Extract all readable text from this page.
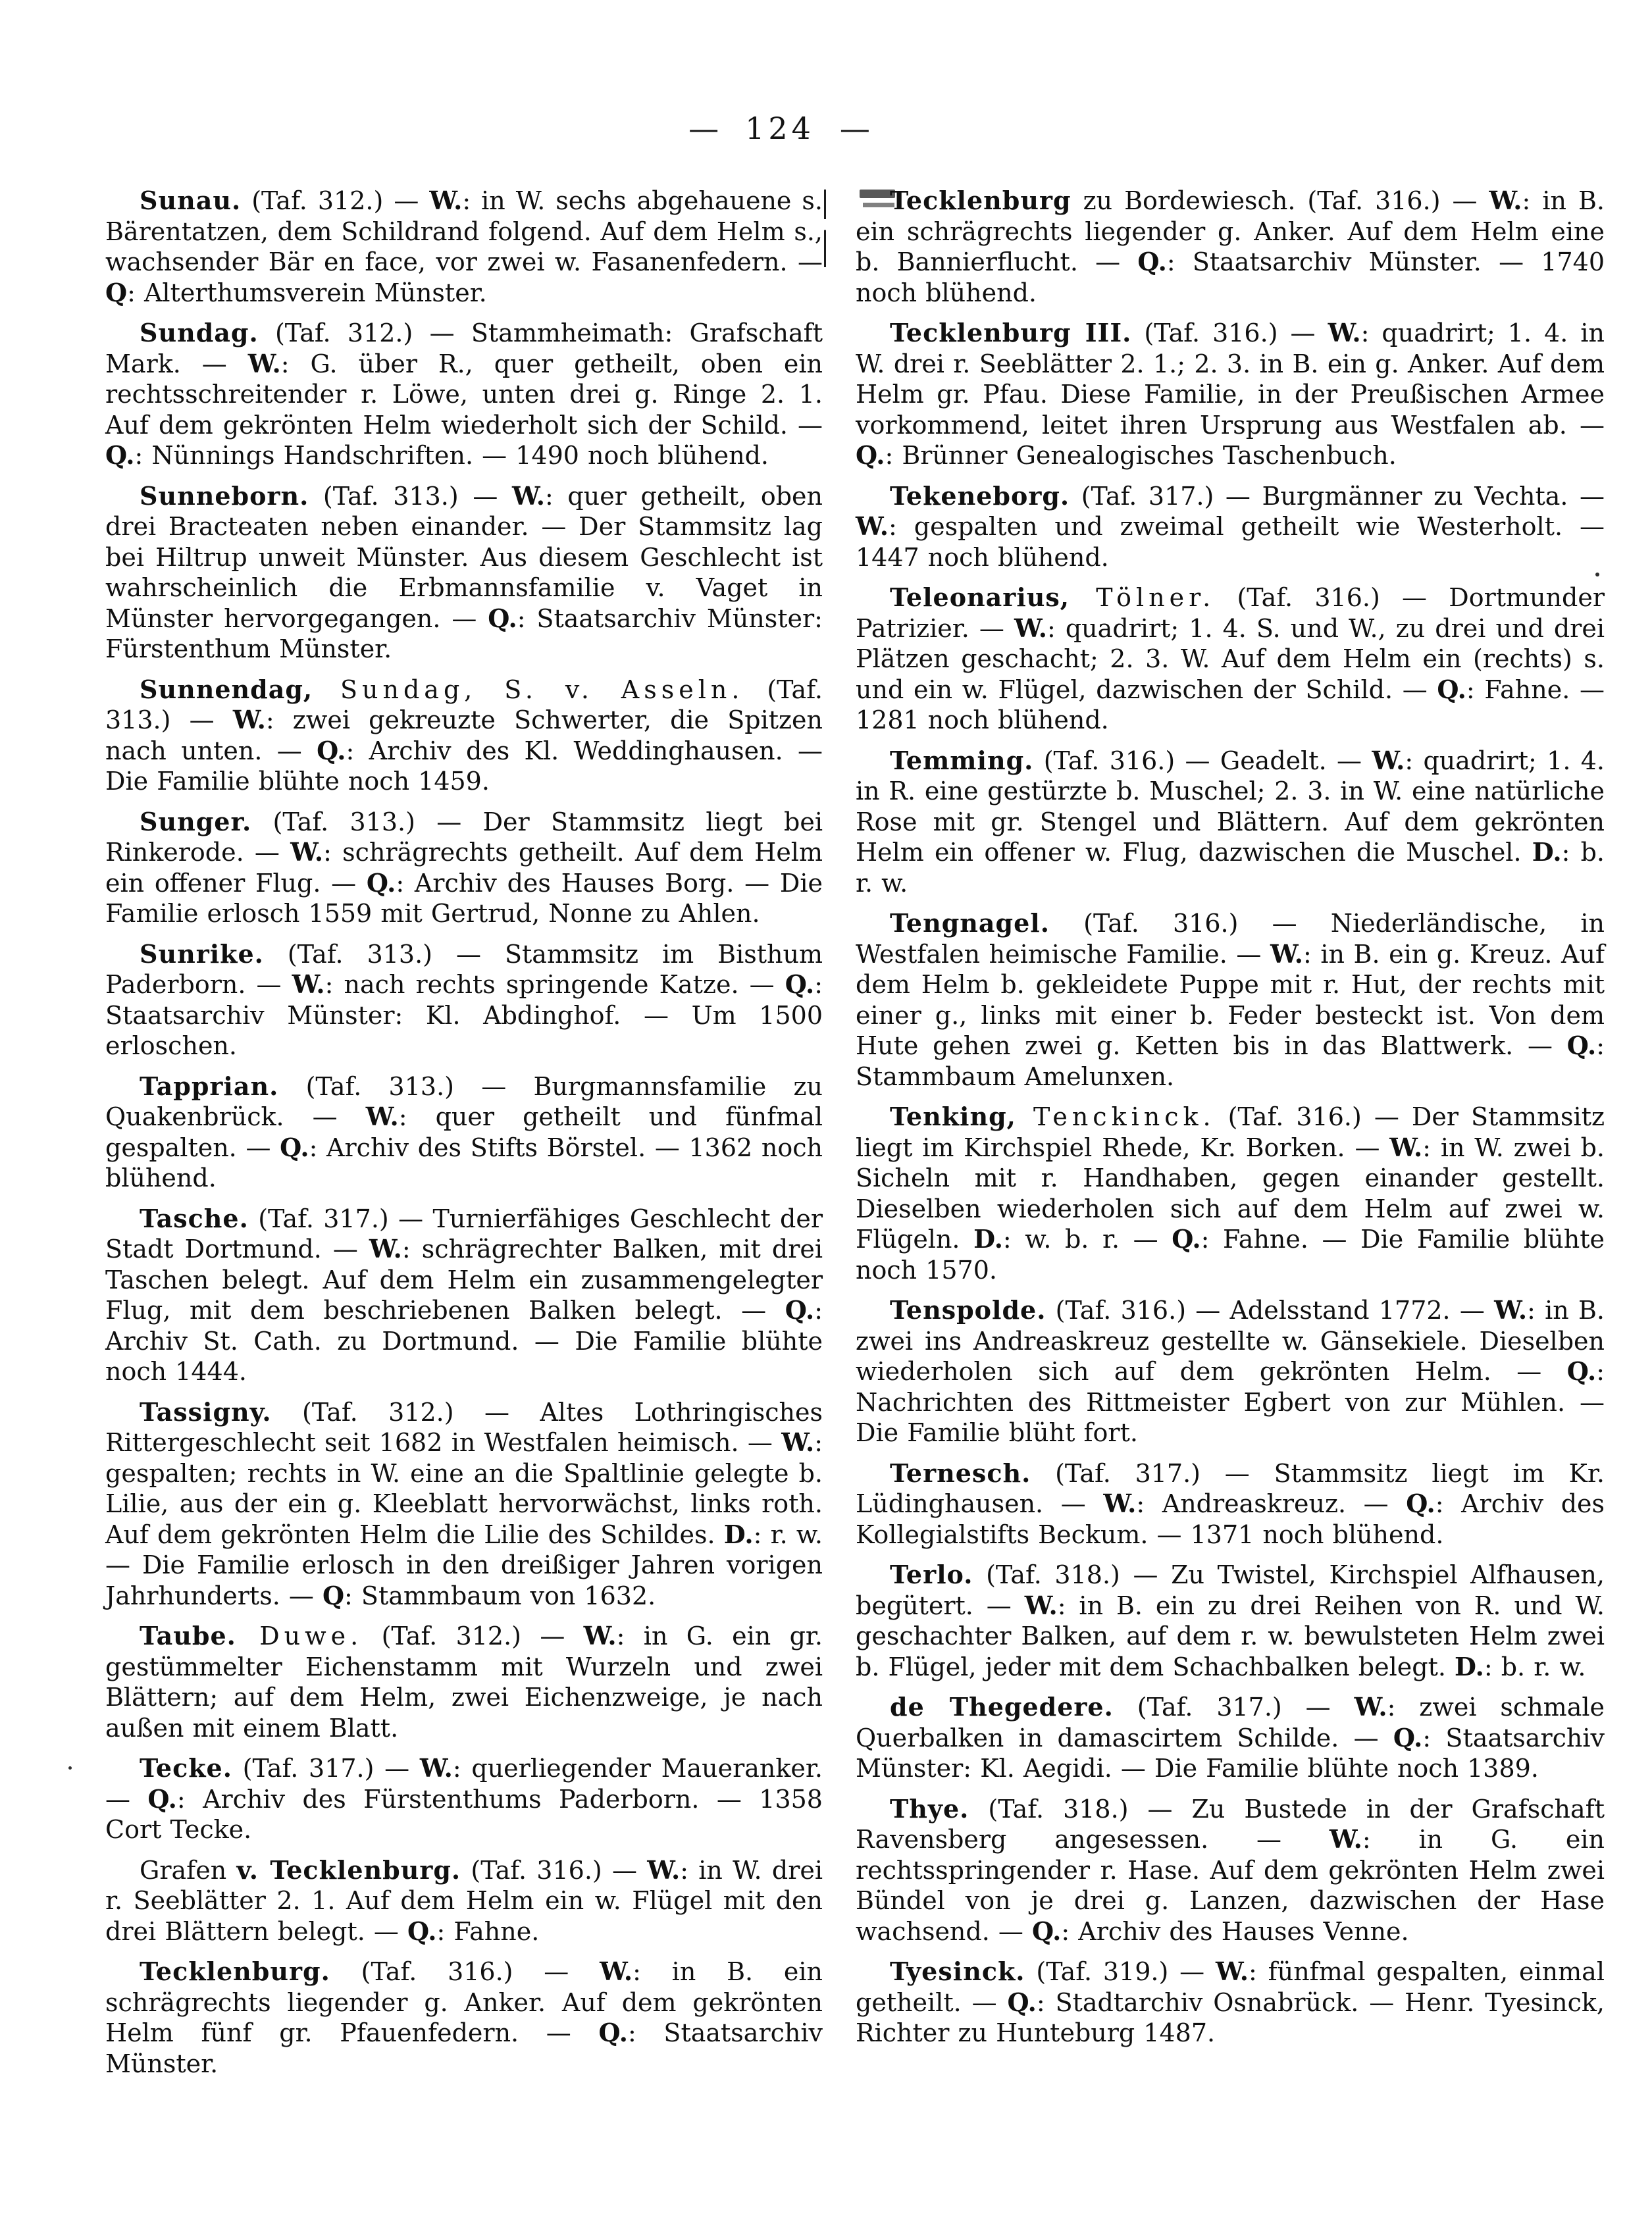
— 124 —

Sunau. (Taf. 312.) — W.: in W. sechs abgehauene s. Bärentatzen, dem Schildrand folgend. Auf dem Helm s., wachsender Bär en face, vor zwei w. Fasanenfedern. — Q: Alterthumsverein Münster.

Sundag. (Taf. 312.) — Stammheimath: Grafschaft Mark. — W.: G. über R., quer getheilt, oben ein rechtsschreitender r. Löwe, unten drei g. Ringe 2. 1. Auf dem gekrönten Helm wiederholt sich der Schild. — Q.: Nünnings Handschriften. — 1490 noch blühend.

Sunneborn. (Taf. 313.) — W.: quer getheilt, oben drei Bracteaten neben einander. — Der Stammsitz lag bei Hiltrup unweit Münster. Aus diesem Geschlecht ist wahrscheinlich die Erbmannsfamilie v. Vaget in Münster hervorgegangen. — Q.: Staatsarchiv Münster: Fürstenthum Münster.

Sunnendag, Sundag, S. v. Asseln. (Taf. 313.) — W.: zwei gekreuzte Schwerter, die Spitzen nach unten. — Q.: Archiv des Kl. Weddinghausen. — Die Familie blühte noch 1459.

Sunger. (Taf. 313.) — Der Stammsitz liegt bei Rinkerode. — W.: schrägrechts getheilt. Auf dem Helm ein offener Flug. — Q.: Archiv des Hauses Borg. — Die Familie erlosch 1559 mit Gertrud, Nonne zu Ahlen.

Sunrike. (Taf. 313.) — Stammsitz im Bisthum Paderborn. — W.: nach rechts springende Katze. — Q.: Staatsarchiv Münster: Kl. Abdinghof. — Um 1500 erloschen.

Tapprian. (Taf. 313.) — Burgmannsfamilie zu Quakenbrück. — W.: quer getheilt und fünfmal gespalten. — Q.: Archiv des Stifts Börstel. — 1362 noch blühend.

Tasche. (Taf. 317.) — Turnierfähiges Geschlecht der Stadt Dortmund. — W.: schrägrechter Balken, mit drei Taschen belegt. Auf dem Helm ein zusammengelegter Flug, mit dem beschriebenen Balken belegt. — Q.: Archiv St. Cath. zu Dortmund. — Die Familie blühte noch 1444.

Tassigny. (Taf. 312.) — Altes Lothringisches Rittergeschlecht seit 1682 in Westfalen heimisch. — W.: gespalten; rechts in W. eine an die Spaltlinie gelegte b. Lilie, aus der ein g. Kleeblatt hervorwächst, links roth. Auf dem gekrönten Helm die Lilie des Schildes. D.: r. w. — Die Familie erlosch in den dreißiger Jahren vorigen Jahrhunderts. — Q: Stammbaum von 1632.

Taube. Duwe. (Taf. 312.) — W.: in G. ein gr. gestümmelter Eichenstamm mit Wurzeln und zwei Blättern; auf dem Helm, zwei Eichenzweige, je nach außen mit einem Blatt.

Tecke. (Taf. 317.) — W.: querliegender Maueranker. — Q.: Archiv des Fürstenthums Paderborn. — 1358 Cort Tecke.

Grafen v. Tecklenburg. (Taf. 316.) — W.: in W. drei r. Seeblätter 2. 1. Auf dem Helm ein w. Flügel mit den drei Blättern belegt. — Q.: Fahne.

Tecklenburg. (Taf. 316.) — W.: in B. ein schrägrechts liegender g. Anker. Auf dem gekrönten Helm fünf gr. Pfauenfedern. — Q.: Staatsarchiv Münster.

Tecklenburg zu Bordewiesch. (Taf. 316.) — W.: in B. ein schrägrechts liegender g. Anker. Auf dem Helm eine b. Bannierflucht. — Q.: Staatsarchiv Münster. — 1740 noch blühend.

Tecklenburg III. (Taf. 316.) — W.: quadrirt; 1. 4. in W. drei r. Seeblätter 2. 1.; 2. 3. in B. ein g. Anker. Auf dem Helm gr. Pfau. Diese Familie, in der Preußischen Armee vorkommend, leitet ihren Ursprung aus Westfalen ab. — Q.: Brünner Genealogisches Taschenbuch.

Tekeneborg. (Taf. 317.) — Burgmänner zu Vechta. — W.: gespalten und zweimal getheilt wie Westerholt. — 1447 noch blühend.

Teleonarius, Tölner. (Taf. 316.) — Dortmunder Patrizier. — W.: quadrirt; 1. 4. S. und W., zu drei und drei Plätzen geschacht; 2. 3. W. Auf dem Helm ein (rechts) s. und ein w. Flügel, dazwischen der Schild. — Q.: Fahne. — 1281 noch blühend.

Temming. (Taf. 316.) — Geadelt. — W.: quadrirt; 1. 4. in R. eine gestürzte b. Muschel; 2. 3. in W. eine natürliche Rose mit gr. Stengel und Blättern. Auf dem gekrönten Helm ein offener w. Flug, dazwischen die Muschel. D.: b. r. w.

Tengnagel. (Taf. 316.) — Niederländische, in Westfalen heimische Familie. — W.: in B. ein g. Kreuz. Auf dem Helm b. gekleidete Puppe mit r. Hut, der rechts mit einer g., links mit einer b. Feder besteckt ist. Von dem Hute gehen zwei g. Ketten bis in das Blattwerk. — Q.: Stammbaum Amelunxen.

Tenking, Tenckinck. (Taf. 316.) — Der Stammsitz liegt im Kirchspiel Rhede, Kr. Borken. — W.: in W. zwei b. Sicheln mit r. Handhaben, gegen einander gestellt. Dieselben wiederholen sich auf dem Helm auf zwei w. Flügeln. D.: w. b. r. — Q.: Fahne. — Die Familie blühte noch 1570.

Tenspolde. (Taf. 316.) — Adelsstand 1772. — W.: in B. zwei ins Andreaskreuz gestellte w. Gänsekiele. Dieselben wiederholen sich auf dem gekrönten Helm. — Q.: Nachrichten des Rittmeister Egbert von zur Mühlen. — Die Familie blüht fort.

Ternesch. (Taf. 317.) — Stammsitz liegt im Kr. Lüdinghausen. — W.: Andreaskreuz. — Q.: Archiv des Kollegialstifts Beckum. — 1371 noch blühend.

Terlo. (Taf. 318.) — Zu Twistel, Kirchspiel Alfhausen, begütert. — W.: in B. ein zu drei Reihen von R. und W. geschachter Balken, auf dem r. w. bewulsteten Helm zwei b. Flügel, jeder mit dem Schachbalken belegt. D.: b. r. w.

de Thegedere. (Taf. 317.) — W.: zwei schmale Querbalken in damascirtem Schilde. — Q.: Staatsarchiv Münster: Kl. Aegidi. — Die Familie blühte noch 1389.

Thye. (Taf. 318.) — Zu Bustede in der Grafschaft Ravensberg angesessen. — W.: in G. ein rechtsspringender r. Hase. Auf dem gekrönten Helm zwei Bündel von je drei g. Lanzen, dazwischen der Hase wachsend. — Q.: Archiv des Hauses Venne.

Tyesinck. (Taf. 319.) — W.: fünfmal gespalten, einmal getheilt. — Q.: Stadtarchiv Osnabrück. — Henr. Tyesinck, Richter zu Hunteburg 1487.
